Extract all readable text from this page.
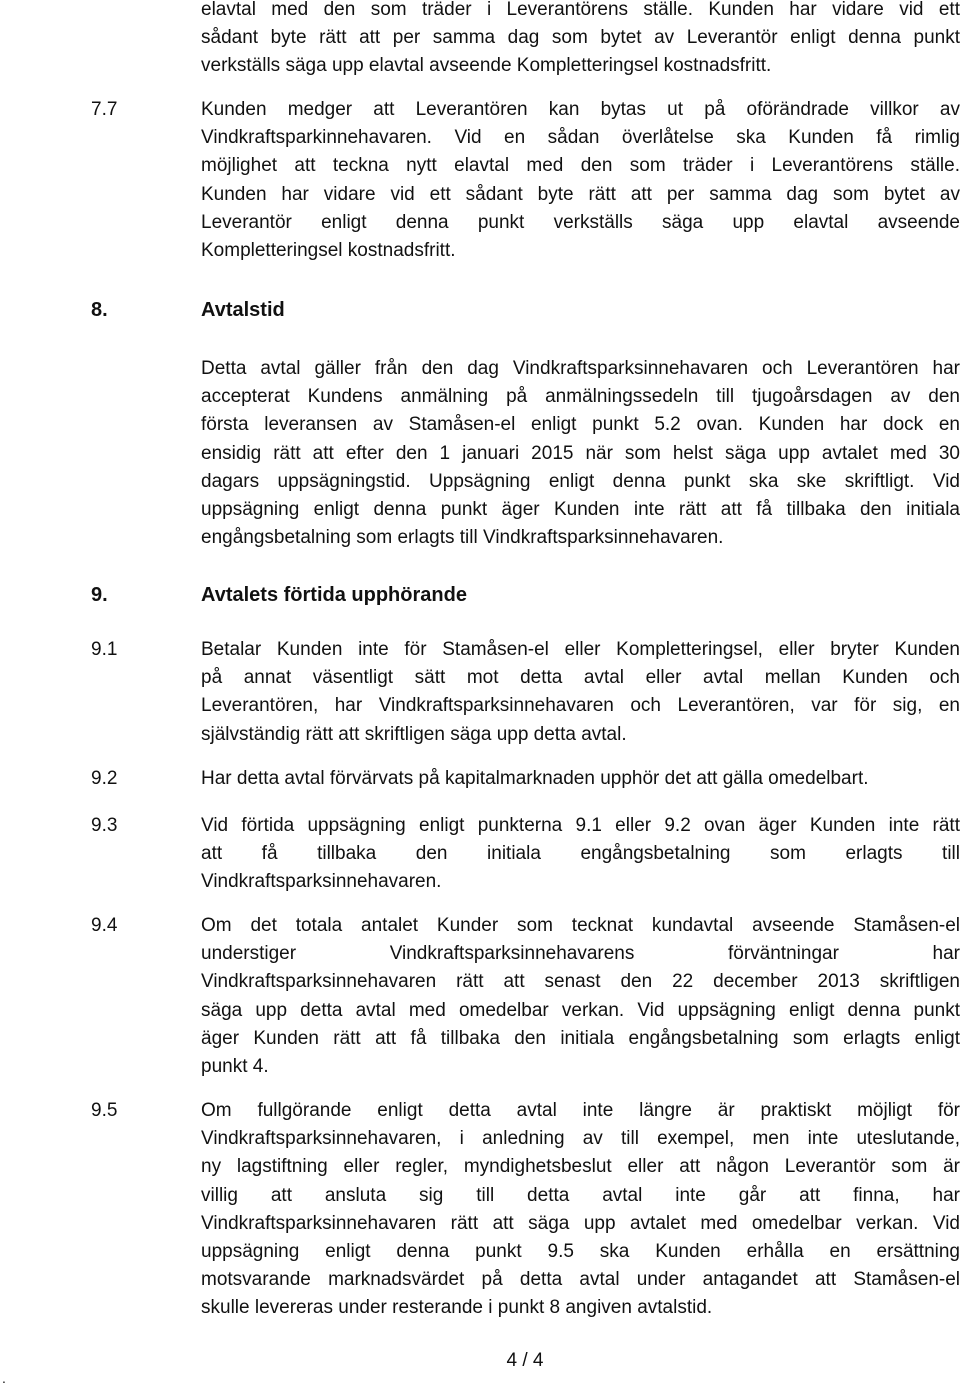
elavtal med den som träder i Leverantörens ställe. Kunden har vidare vid ett
sådant byte rätt att per samma dag som bytet av Leverantör enligt denna punkt
verkställs säga upp elavtal avseende Kompletteringsel kostnadsfritt.
7.7	Kunden medger att Leverantören kan bytas ut på oförändrade villkor av
Vindkraftsparkinnehavaren. Vid en sådan överlåtelse ska Kunden få rimlig
möjlighet att teckna nytt elavtal med den som träder i Leverantörens ställe.
Kunden har vidare vid ett sådant byte rätt att per samma dag som bytet av
Leverantör enligt denna punkt verkställs säga upp elavtal avseende
Kompletteringsel kostnadsfritt.
8.	Avtalstid
Detta avtal gäller från den dag Vindkraftsparksinnehavaren och Leverantören har
accepterat Kundens anmälning på anmälningssedeln till tjugoårsdagen av den
första leveransen av Stamåsen-el enligt punkt 5.2 ovan. Kunden har dock en
ensidig rätt att efter den 1 januari 2015 när som helst säga upp avtalet med 30
dagars uppsägningstid. Uppsägning enligt denna punkt ska ske skriftligt. Vid
uppsägning enligt denna punkt äger Kunden inte rätt att få tillbaka den initiala
engångsbetalning som erlagts till Vindkraftsparksinnehavaren.
9.	Avtalets förtida upphörande
9.1	Betalar Kunden inte för Stamåsen-el eller Kompletteringsel, eller bryter Kunden
på annat väsentligt sätt mot detta avtal eller avtal mellan Kunden och
Leverantören, har Vindkraftsparksinnehavaren och Leverantören, var för sig, en
självständig rätt att skriftligen säga upp detta avtal.
9.2	Har detta avtal förvärvats på kapitalmarknaden upphör det att gälla omedelbart.
9.3	Vid förtida uppsägning enligt punkterna 9.1 eller 9.2 ovan äger Kunden inte rätt
att få tillbaka den initiala engångsbetalning som erlagts till
Vindkraftsparksinnehavaren.
9.4	Om det totala antalet Kunder som tecknat kundavtal avseende Stamåsen-el
understiger Vindkraftsparksinnehavarens förväntningar har
Vindkraftsparksinnehavaren rätt att senast den 22 december 2013 skriftligen
säga upp detta avtal med omedelbar verkan. Vid uppsägning enligt denna punkt
äger Kunden rätt att få tillbaka den initiala engångsbetalning som erlagts enligt
punkt 4.
9.5	Om fullgörande enligt detta avtal inte längre är praktiskt möjligt för
Vindkraftsparksinnehavaren, i anledning av till exempel, men inte uteslutande,
ny lagstiftning eller regler, myndighetsbeslut eller att någon Leverantör som är
villig att ansluta sig till detta avtal inte går att finna, har
Vindkraftsparksinnehavaren rätt att säga upp avtalet med omedelbar verkan. Vid
uppsägning enligt denna punkt 9.5 ska Kunden erhålla en ersättning
motsvarande marknadsvärdet på detta avtal under antagandet att Stamåsen-el
skulle levereras under resterande i punkt 8 angiven avtalstid.
4 / 4
.
